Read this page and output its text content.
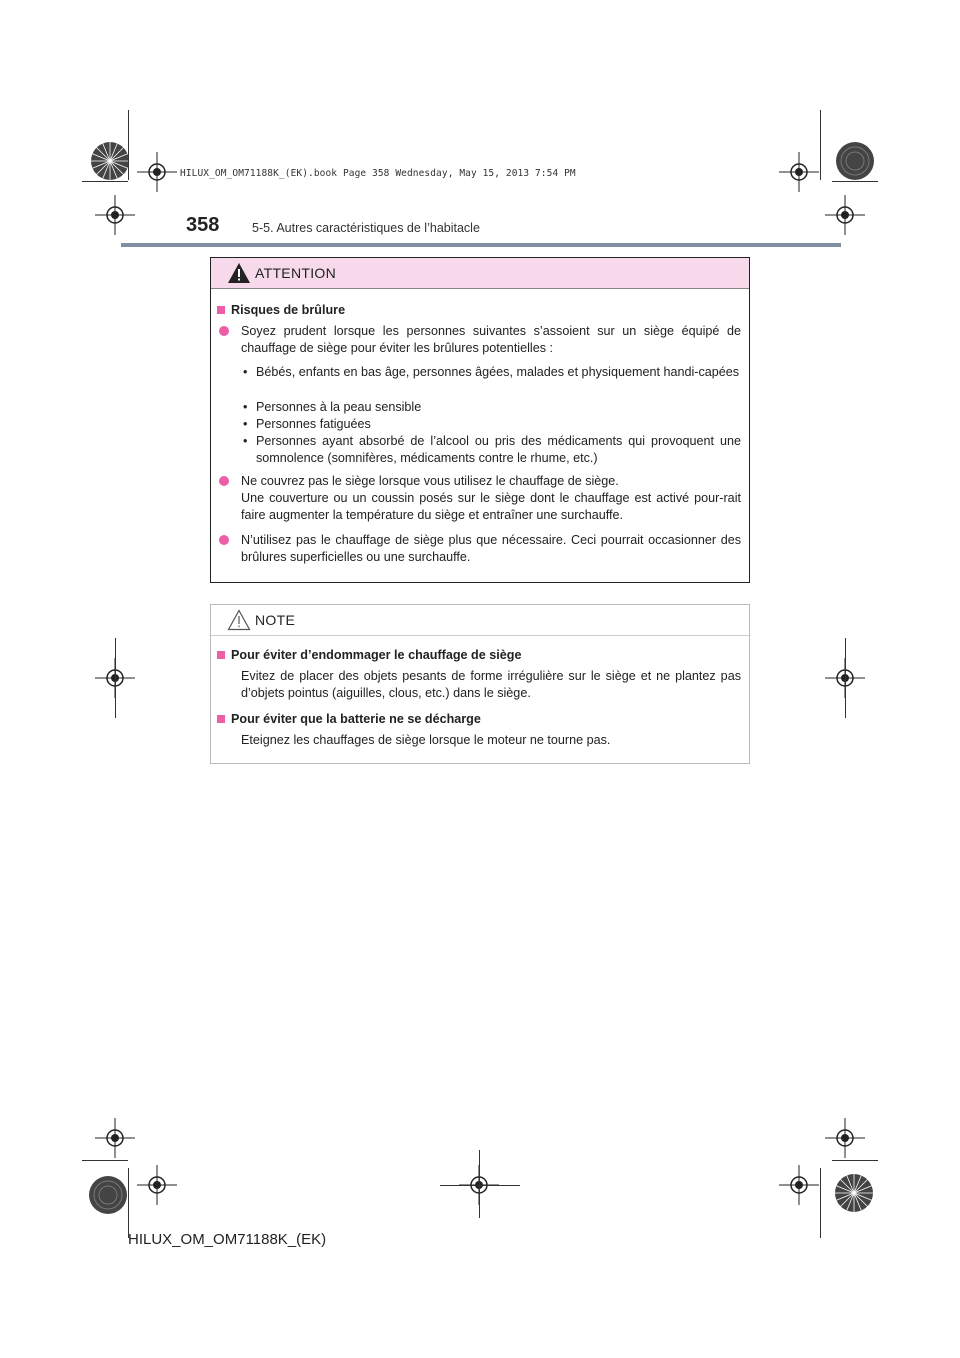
HILUX_OM_OM71188K_(EK).book Page 358 Wednesday, May 15, 2013 7:54 PM
358	5-5. Autres caractéristiques de l’habitacle
ATTENTION
Risques de brûlure
Soyez prudent lorsque les personnes suivantes s’assoient sur un siège équipé de chauffage de siège pour éviter les brûlures potentielles :
• Bébés, enfants en bas âge, personnes âgées, malades et physiquement handi-capées
• Personnes à la peau sensible
• Personnes fatiguées
• Personnes ayant absorbé de l’alcool ou pris des médicaments qui provoquent une somnolence (somnifères, médicaments contre le rhume, etc.)
Ne couvrez pas le siège lorsque vous utilisez le chauffage de siège.
Une couverture ou un coussin posés sur le siège dont le chauffage est activé pour-rait faire augmenter la température du siège et entraîner une surchauffe.
N’utilisez pas le chauffage de siège plus que nécessaire. Ceci pourrait occasionner des brûlures superficielles ou une surchauffe.
NOTE
Pour éviter d’endommager le chauffage de siège
Evitez de placer des objets pesants de forme irrégulière sur le siège et ne plantez pas d’objets pointus (aiguilles, clous, etc.) dans le siège.
Pour éviter que la batterie ne se décharge
Eteignez les chauffages de siège lorsque le moteur ne tourne pas.
HILUX_OM_OM71188K_(EK)
